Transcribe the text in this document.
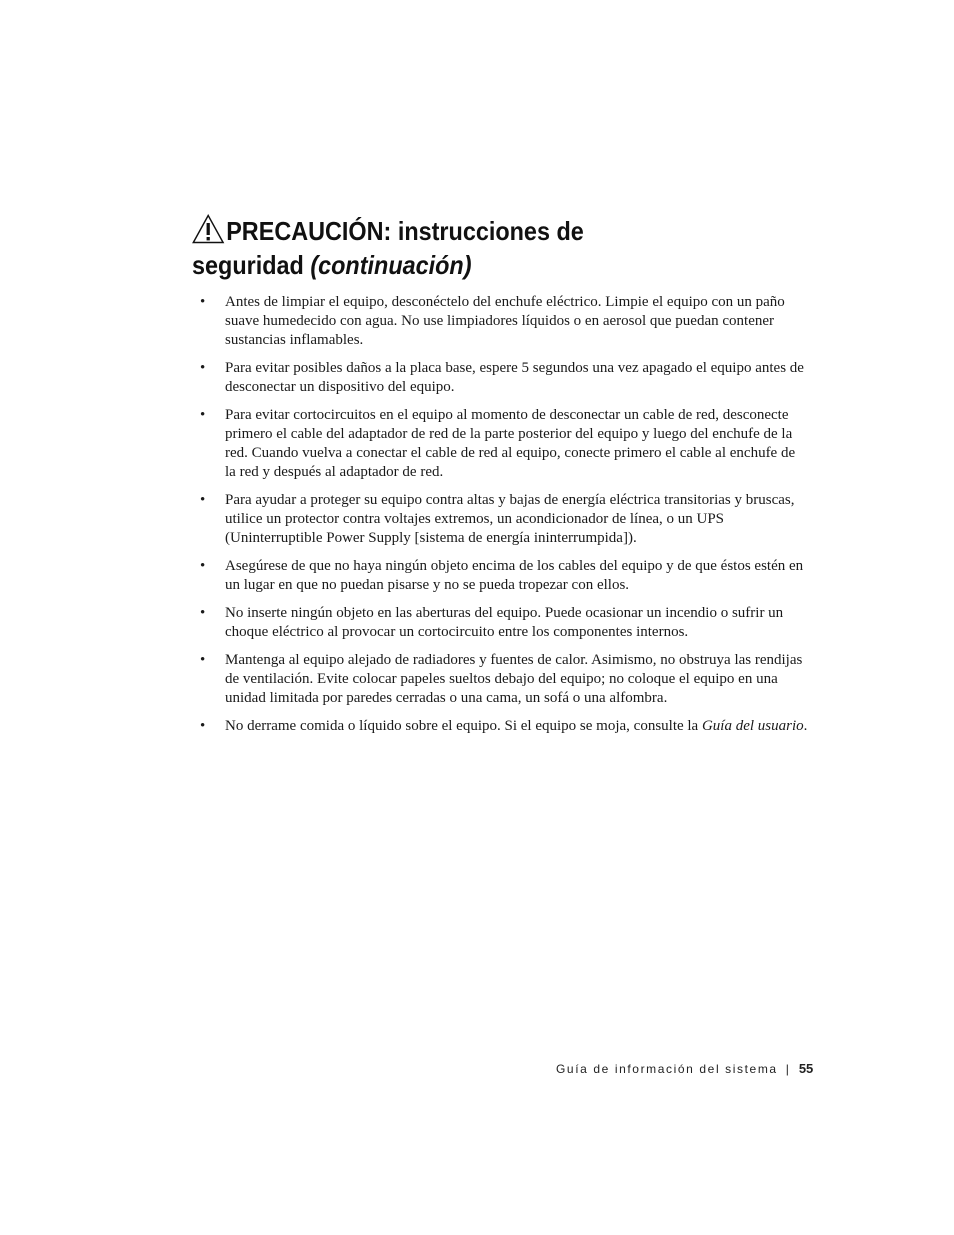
PRECAUCIÓN: instrucciones de
seguridad (continuación)
• Antes de limpiar el equipo, desconéctelo del enchufe eléctrico. Limpie el equipo con un paño suave humedecido con agua. No use limpiadores líquidos o en aerosol que puedan contener sustancias inflamables.
• Para evitar posibles daños a la placa base, espere 5 segundos una vez apagado el equipo antes de desconectar un dispositivo del equipo.
• Para evitar cortocircuitos en el equipo al momento de desconectar un cable de red, desconecte primero el cable del adaptador de red de la parte posterior del equipo y luego del enchufe de la red. Cuando vuelva a conectar el cable de red al equipo, conecte primero el cable al enchufe de la red y después al adaptador de red.
• Para ayudar a proteger su equipo contra altas y bajas de energía eléctrica transitorias y bruscas, utilice un protector contra voltajes extremos, un acondicionador de línea, o un UPS (Uninterruptible Power Supply [sistema de energía ininterrumpida]).
• Asegúrese de que no haya ningún objeto encima de los cables del equipo y de que éstos estén en un lugar en que no puedan pisarse y no se pueda tropezar con ellos.
• No inserte ningún objeto en las aberturas del equipo. Puede ocasionar un incendio o sufrir un choque eléctrico al provocar un cortocircuito entre los componentes internos.
• Mantenga al equipo alejado de radiadores y fuentes de calor. Asimismo, no obstruya las rendijas de ventilación. Evite colocar papeles sueltos debajo del equipo; no coloque el equipo en una unidad limitada por paredes cerradas o una cama, un sofá o una alfombra.
• No derrame comida o líquido sobre el equipo. Si el equipo se moja, consulte la Guía del usuario.
Guía de información del sistema | 55
